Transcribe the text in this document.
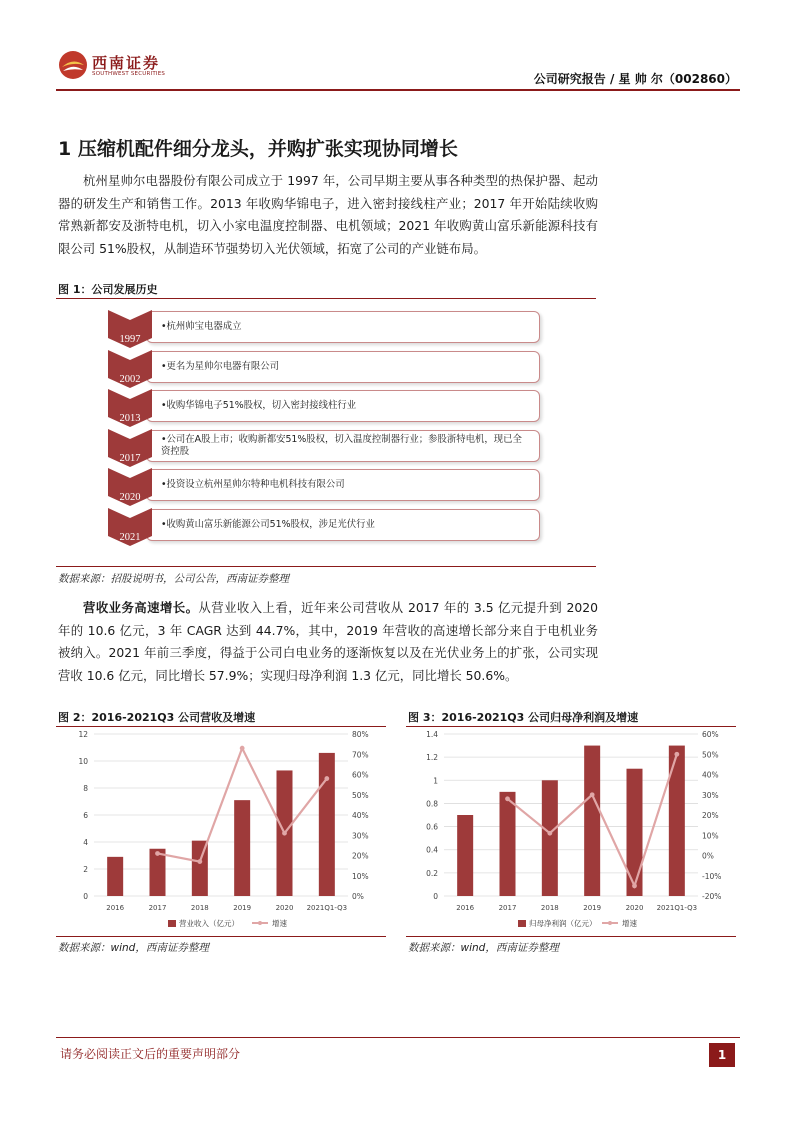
西南证券
SOUTHWEST SECURITIES	公司研究报告 / 星 帅 尔（002860）
1 压缩机配件细分龙头，并购扩张实现协同增长
杭州星帅尔电器股份有限公司成立于 1997 年，公司早期主要从事各种类型的热保护器、起动器的研发生产和销售工作。2013 年收购华锦电子，进入密封接线柱产业；2017 年开始陆续收购常熟新都安及浙特电机，切入小家电温度控制器、电机领域；2021 年收购黄山富乐新能源科技有限公司 51%股权，从制造环节强势切入光伏领域，拓宽了公司的产业链布局。
图 1：公司发展历史
•杭州帅宝电器成立
1997
•更名为星帅尔电器有限公司
2002
•收购华锦电子51%股权，切入密封接线柱行业
2013
•公司在A股上市；收购新都安51%股权，切入温度控制器行业；参股浙特电机，现已全资控股
2017
•投资设立杭州星帅尔特种电机科技有限公司
2020
•收购黄山富乐新能源公司51%股权，涉足光伏行业
2021
数据来源：招股说明书，公司公告，西南证券整理
营收业务高速增长。从营业收入上看，近年来公司营收从 2017 年的 3.5 亿元提升到 2020 年的 10.6 亿元，3 年 CAGR 达到 44.7%，其中，2019 年营收的高速增长部分来自于电机业务被纳入。2021 年前三季度，得益于公司白电业务的逐渐恢复以及在光伏业务上的扩张，公司实现营收 10.6 亿元，同比增长 57.9%；实现归母净利润 1.3 亿元，同比增长 50.6%。
图 2：2016-2021Q3 公司营收及增速
0
2
4
6
8
10
12
0%
10%
20%
30%
40%
50%
60%
70%
80%
2016	2017	2018	2019	2020 2021Q1-Q3
营业收入（亿元）	增速
数据来源：wind，西南证券整理
图 3：2016-2021Q3 公司归母净利润及增速
0
0.2
0.4
0.6
0.8
1
1.2
1.4
-20%
-10%
0%
10%
20%
30%
40%
50%
60%
2016	2017	2018	2019	2020 2021Q1-Q3
归母净利润（亿元）	增速
数据来源：wind，西南证券整理
请务必阅读正文后的重要声明部分	1
